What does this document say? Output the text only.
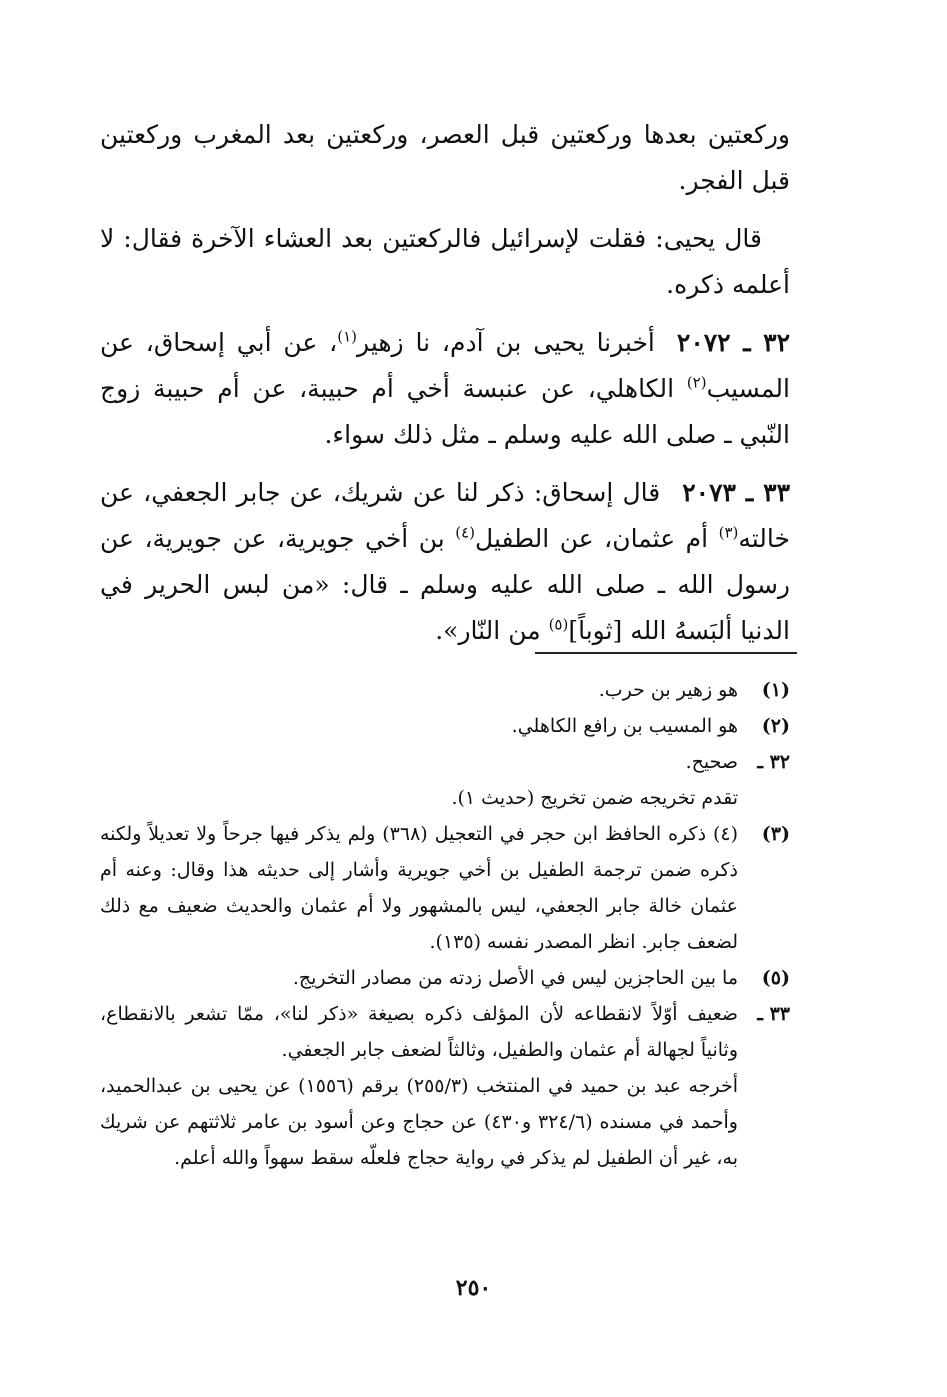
وركعتين بعدها وركعتين قبل العصر، وركعتين بعد المغرب وركعتين قبل الفجر.

قال يحيى: فقلت لإسرائيل فالركعتين بعد العشاء الآخرة فقال: لا أعلمه ذكره.

٣٢ ـ ٢٠٧٢أخبرنا يحيى بن آدم، نا زهير$^{(١)}$، عن أبي إسحاق، عن المسيب$^{(٢)}$ الكاهلي، عن عنبسة أخي أم حبيبة، عن أم حبيبة زوج النّبي ـ صلى الله عليه وسلم ـ مثل ذلك سواء.

٣٣ ـ ٢٠٧٣قال إسحاق: ذكر لنا عن شريك، عن جابر الجعفي، عن خالته$^{(٣)}$ أم عثمان، عن الطفيل$^{(٤)}$ بن أخي جويرية، عن جويرية، عن رسول الله ـ صلى الله عليه وسلم ـ قال: «من لبس الحرير في الدنيا ألبَسهُ الله [ثوباً]$^{(٥)}$ من النّار».

(١)

هو زهير بن حرب.

(٢)

هو المسيب بن رافع الكاهلي.

٣٢ ـ

صحيح.

تقدم تخريجه ضمن تخريج (حديث ١).

(٣)

(٤) ذكره الحافظ ابن حجر في التعجيل (٣٦٨) ولم يذكر فيها جرحاً ولا تعديلاً ولكنه ذكره ضمن ترجمة الطفيل بن أخي جويرية وأشار إلى حديثه هذا وقال: وعنه أم عثمان خالة جابر الجعفي، ليس بالمشهور ولا أم عثمان والحديث ضعيف مع ذلك لضعف جابر. انظر المصدر نفسه (١٣٥).

(٥)

ما بين الحاجزين ليس في الأصل زدته من مصادر التخريج.

٣٣ ـ

ضعيف أوّلاً لانقطاعه لأن المؤلف ذكره بصيغة «ذكر لنا»، ممّا تشعر بالانقطاع، وثانياً لجهالة أم عثمان والطفيل، وثالثاً لضعف جابر الجعفي.

أخرجه عبد بن حميد في المنتخب (٢٥٥/٣) برقم (١٥٥٦) عن يحيى بن عبدالحميد، وأحمد في مسنده (٣٢٤/٦ و٤٣٠) عن حجاج وعن أسود بن عامر ثلاثتهم عن شريك به، غير أن الطفيل لم يذكر في رواية حجاج فلعلّه سقط سهواً والله أعلم.

٢٥٠
